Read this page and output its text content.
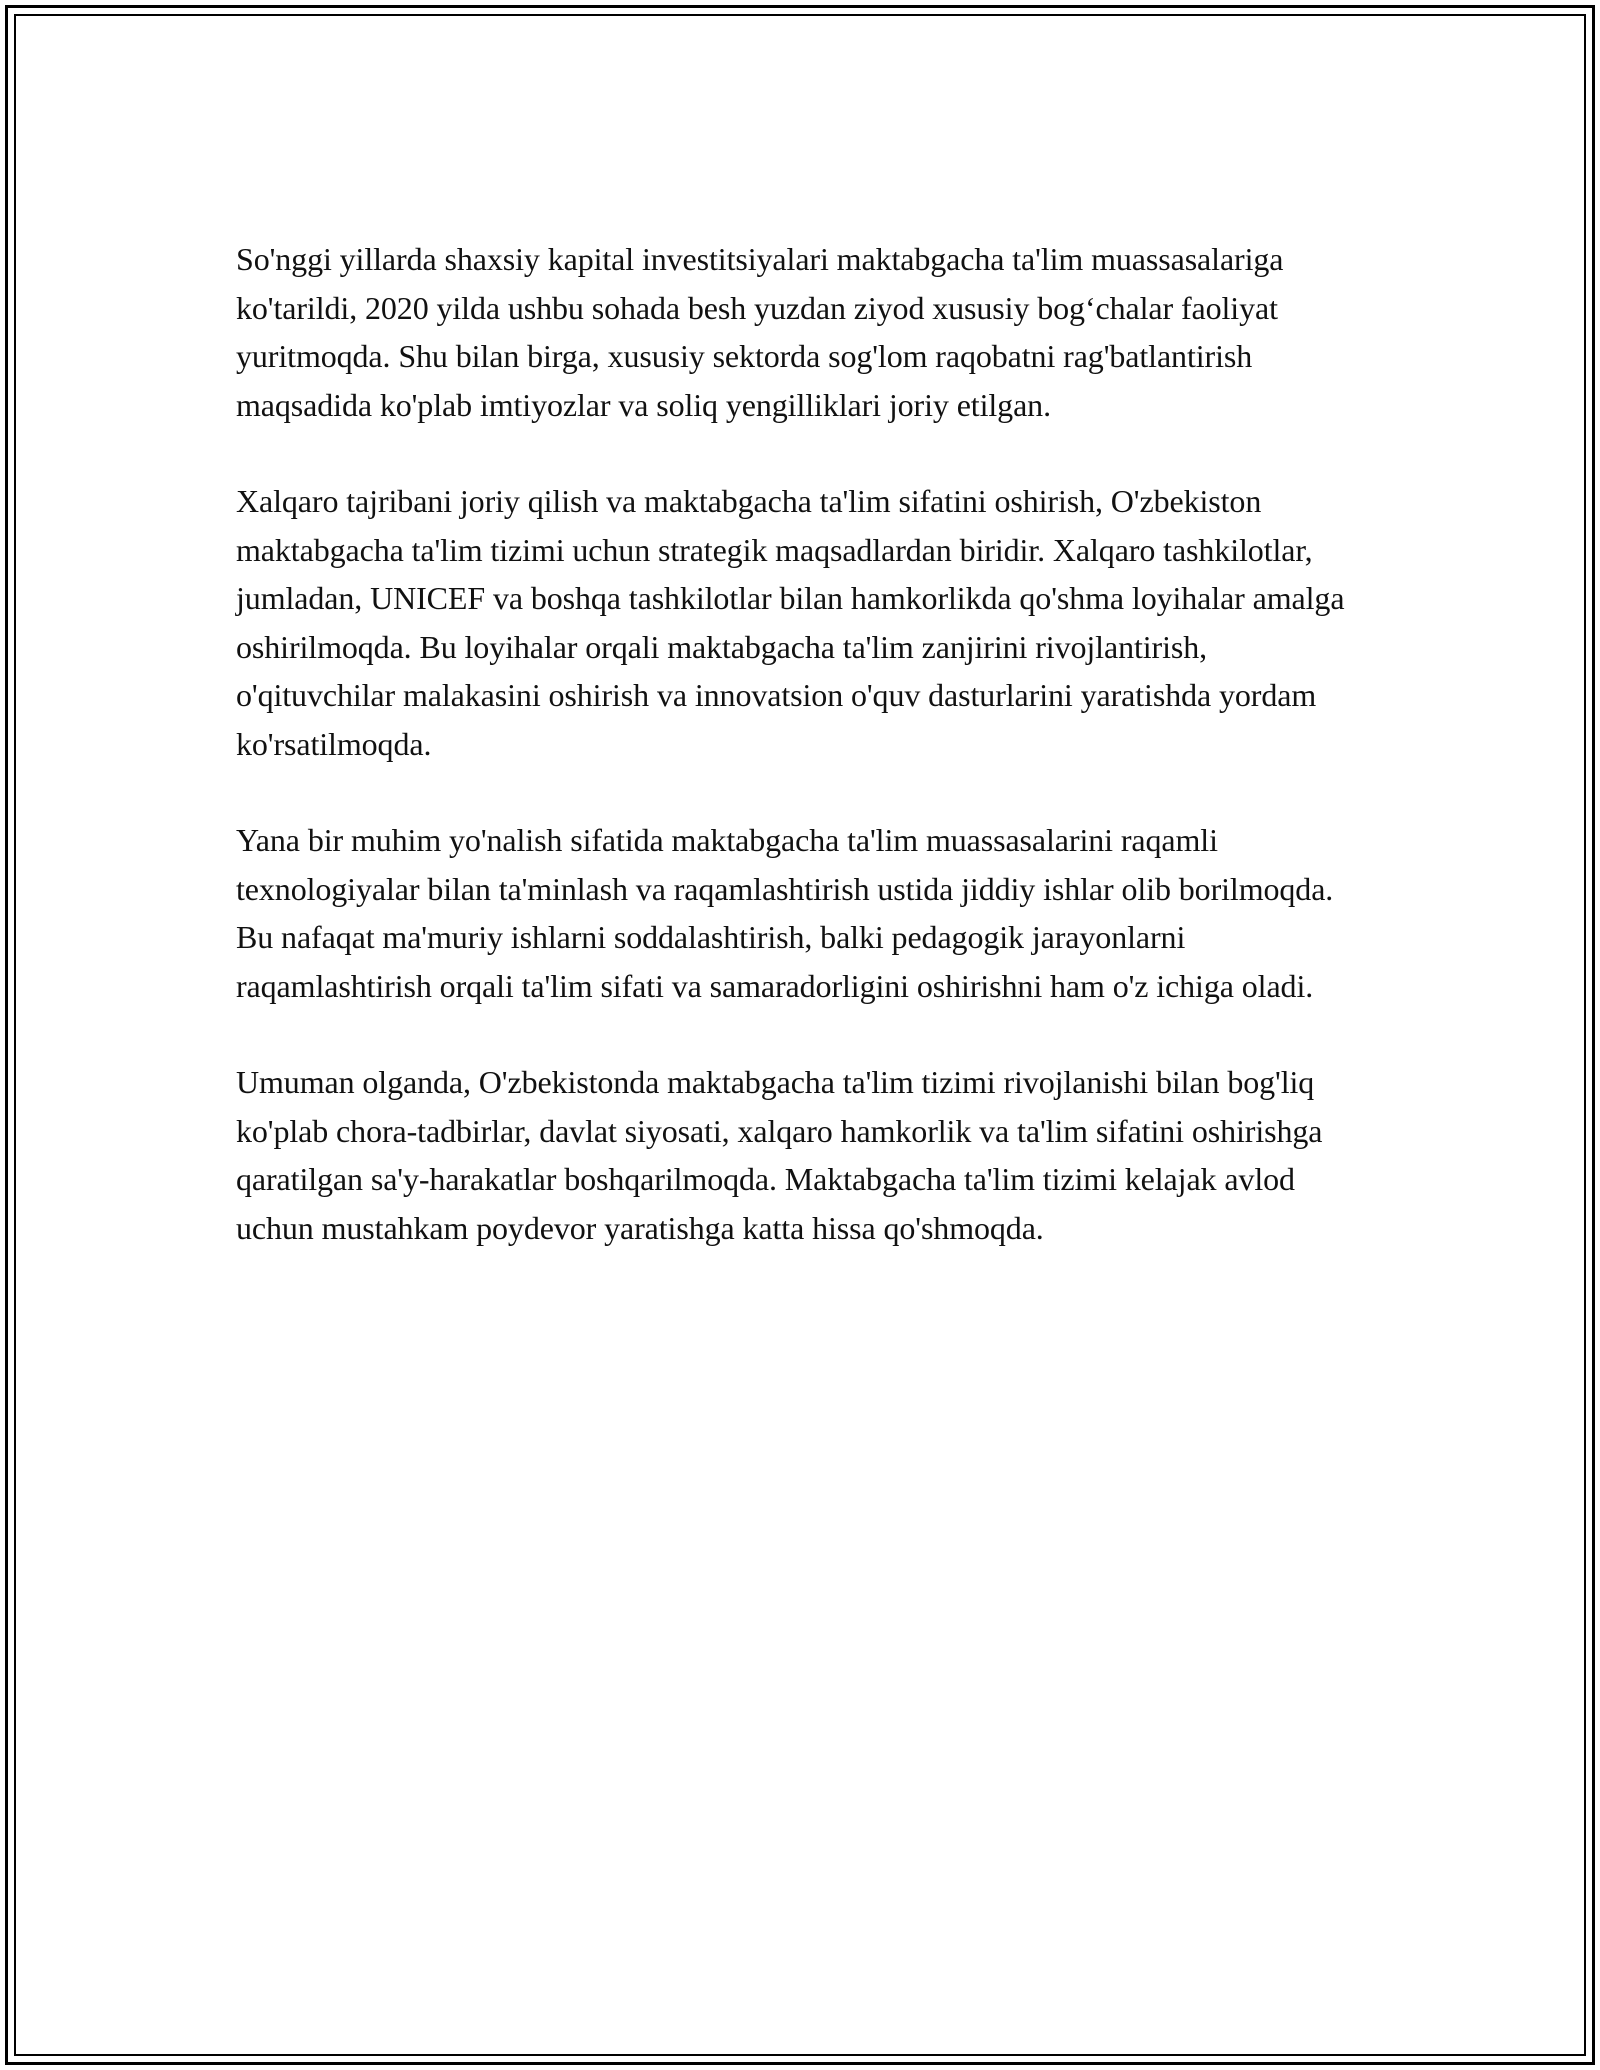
So'nggi yillarda shaxsiy kapital investitsiyalari maktabgacha ta'lim muassasalariga ko'tarildi, 2020 yilda ushbu sohada besh yuzdan ziyod xususiy bog‘chalar faoliyat yuritmoqda. Shu bilan birga, xususiy sektorda sog'lom raqobatni rag'batlantirish maqsadida ko'plab imtiyozlar va soliq yengilliklari joriy etilgan.

Xalqaro tajribani joriy qilish va maktabgacha ta'lim sifatini oshirish, O'zbekiston maktabgacha ta'lim tizimi uchun strategik maqsadlardan biridir. Xalqaro tashkilotlar, jumladan, UNICEF va boshqa tashkilotlar bilan hamkorlikda qo'shma loyihalar amalga oshirilmoqda. Bu loyihalar orqali maktabgacha ta'lim zanjirini rivojlantirish, o'qituvchilar malakasini oshirish va innovatsion o'quv dasturlarini yaratishda yordam ko'rsatilmoqda.

Yana bir muhim yo'nalish sifatida maktabgacha ta'lim muassasalarini raqamli texnologiyalar bilan ta'minlash va raqamlashtirish ustida jiddiy ishlar olib borilmoqda. Bu nafaqat ma'muriy ishlarni soddalashtirish, balki pedagogik jarayonlarni raqamlashtirish orqali ta'lim sifati va samaradorligini oshirishni ham o'z ichiga oladi.

Umuman olganda, O'zbekistonda maktabgacha ta'lim tizimi rivojlanishi bilan bog'liq ko'plab chora-tadbirlar, davlat siyosati, xalqaro hamkorlik va ta'lim sifatini oshirishga qaratilgan sa'y-harakatlar boshqarilmoqda. Maktabgacha ta'lim tizimi kelajak avlod uchun mustahkam poydevor yaratishga katta hissa qo'shmoqda.
